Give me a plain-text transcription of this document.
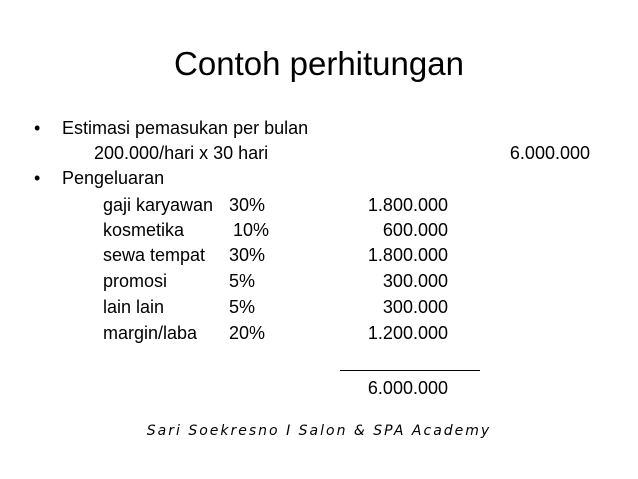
Contoh perhitungan
•	Estimasi pemasukan per bulan
200.000/hari x 30 hari	6.000.000
•	Pengeluaran
gaji karyawan 30%	1.800.000
kosmetika	10%	600.000
sewa tempat 30%	1.800.000
promosi	5%	300.000
lain lain	5%	300.000
margin/laba 20%	1.200.000
6.000.000
Sari Soekresno I Salon & SPA Academy
